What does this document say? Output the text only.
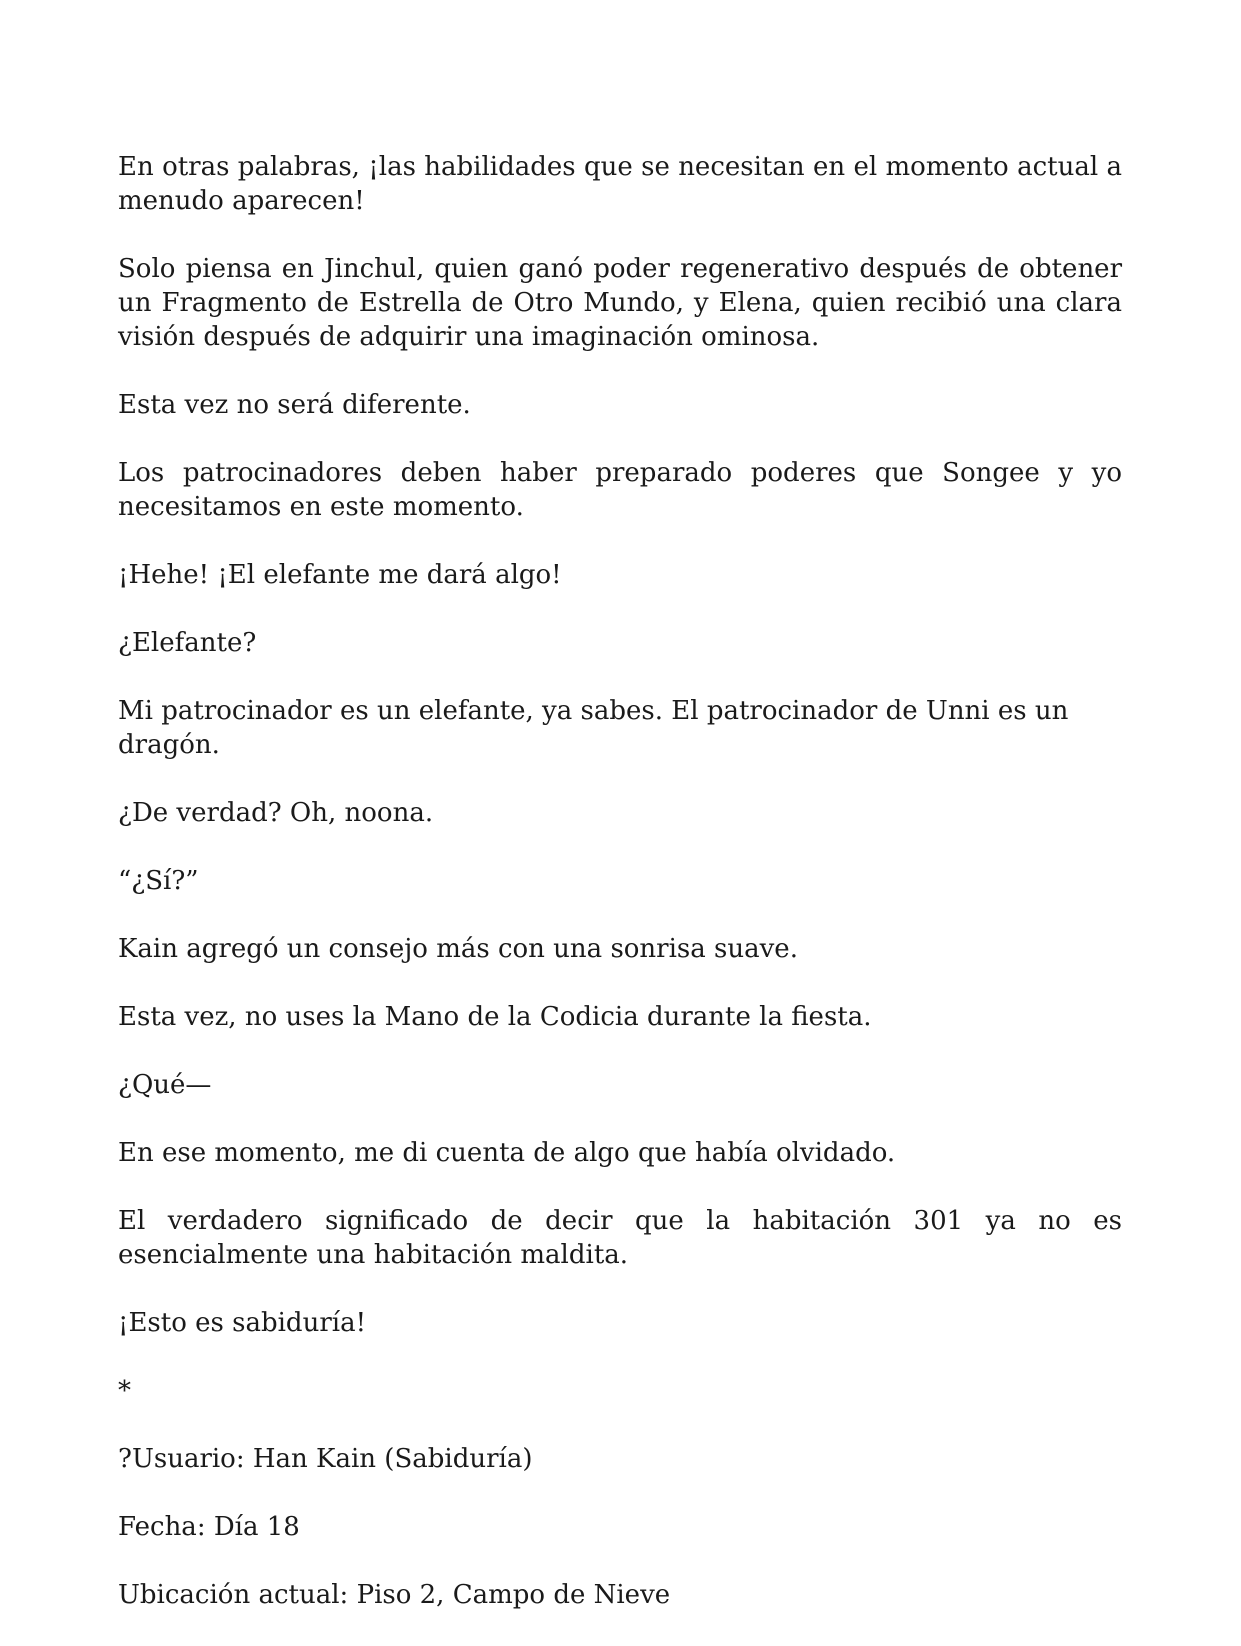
En otras palabras, ¡las habilidades que se necesitan en el momento actual a menudo aparecen!

Solo piensa en Jinchul, quien ganó poder regenerativo después de obtener un Fragmento de Estrella de Otro Mundo, y Elena, quien recibió una clara visión después de adquirir una imaginación ominosa.

Esta vez no será diferente.

Los patrocinadores deben haber preparado poderes que Songee y yo necesitamos en este momento.

¡Hehe! ¡El elefante me dará algo!

¿Elefante?

Mi patrocinador es un elefante, ya sabes. El patrocinador de Unni es un dragón.

¿De verdad? Oh, noona.

“¿Sí?”

Kain agregó un consejo más con una sonrisa suave.

Esta vez, no uses la Mano de la Codicia durante la fiesta.

¿Qué—

En ese momento, me di cuenta de algo que había olvidado.

El verdadero significado de decir que la habitación 301 ya no es esencialmente una habitación maldita.

¡Esto es sabiduría!

*

?Usuario: Han Kain (Sabiduría)

Fecha: Día 18

Ubicación actual: Piso 2, Campo de Nieve
